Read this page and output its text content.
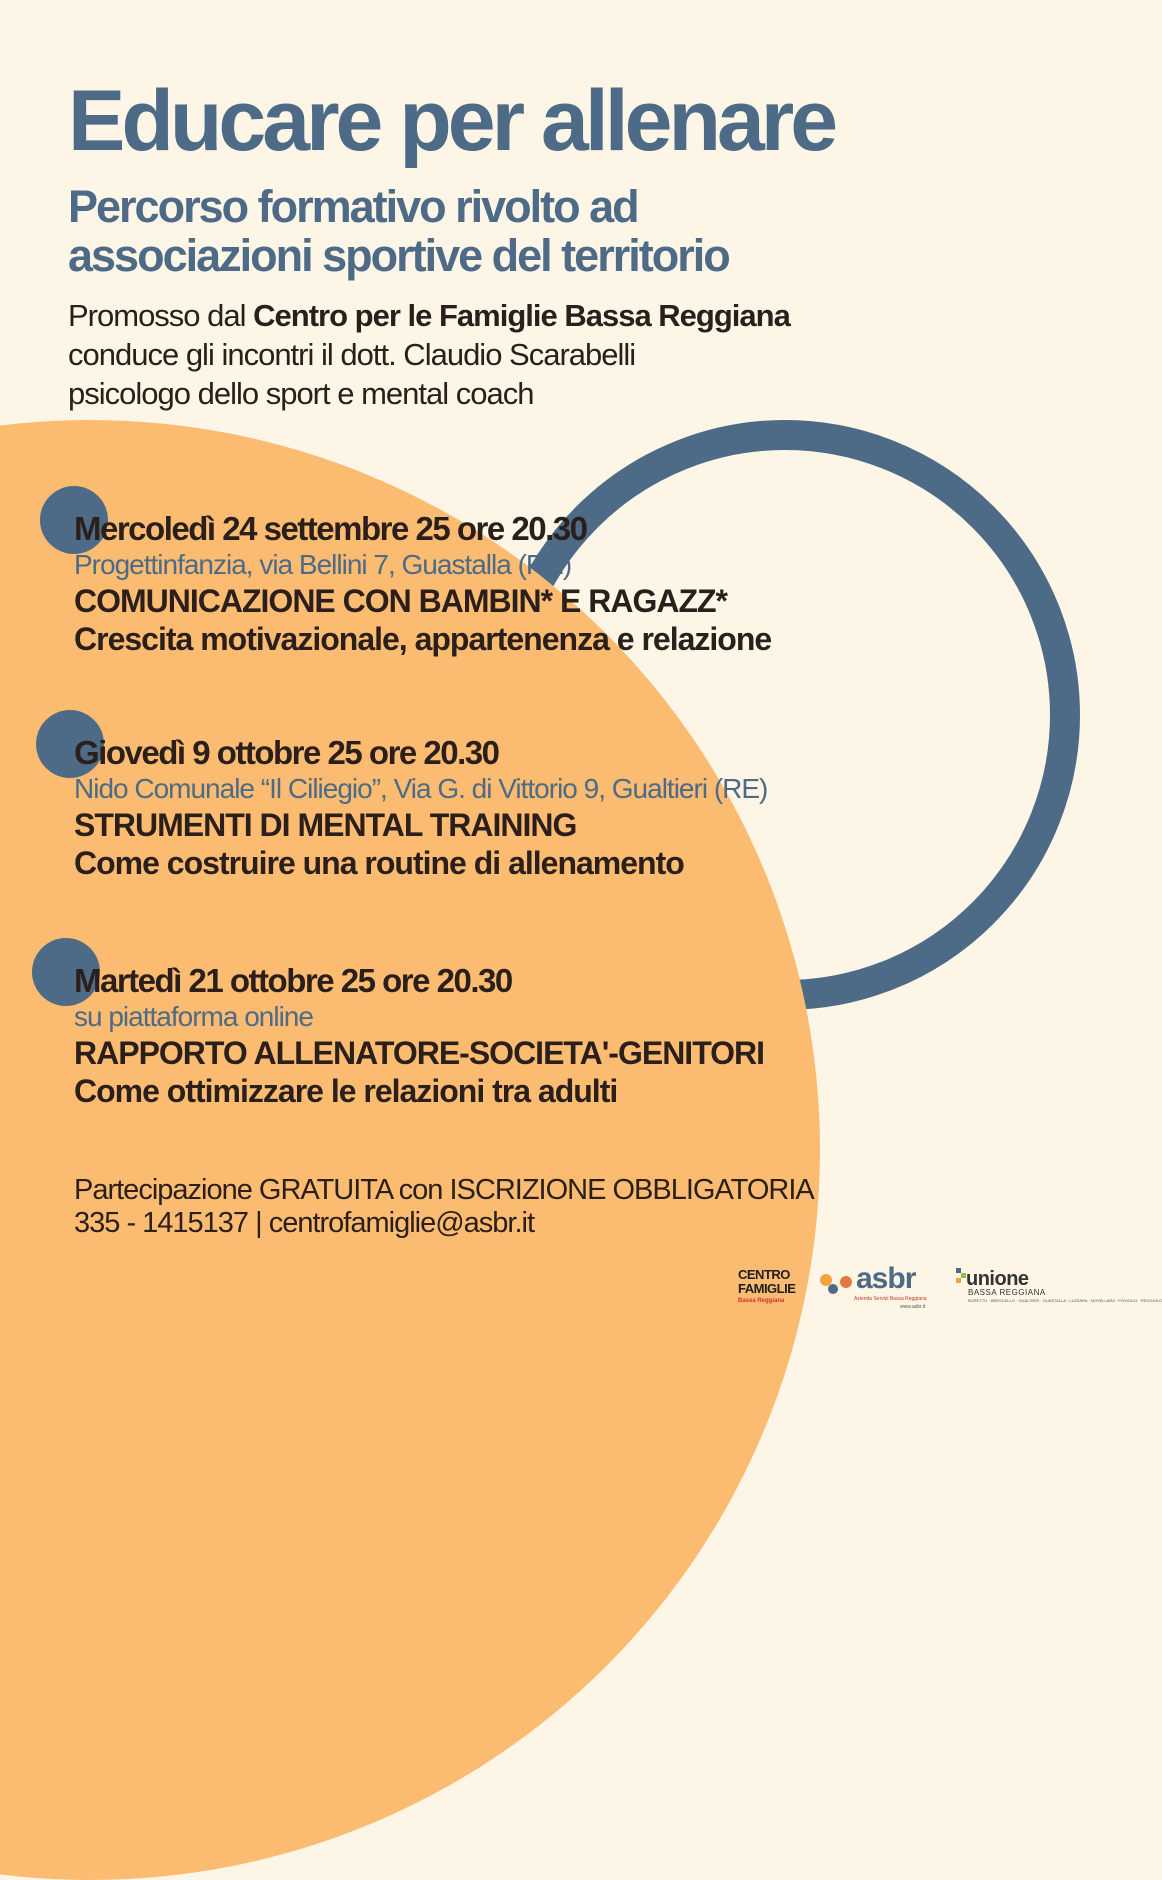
Educare per allenare
Percorso formativo rivolto ad
associazioni sportive del territorio
Promosso dal Centro per le Famiglie Bassa Reggiana
conduce gli incontri il dott. Claudio Scarabelli
psicologo dello sport e mental coach
Mercoledì 24 settembre 25 ore 20.30
Progettinfanzia, via Bellini 7, Guastalla (RE)
COMUNICAZIONE CON BAMBIN* E RAGAZZ*
Crescita motivazionale, appartenenza e relazione
Giovedì 9 ottobre 25 ore 20.30
Nido Comunale “Il Ciliegio”, Via G. di Vittorio 9, Gualtieri (RE)
STRUMENTI DI MENTAL TRAINING
Come costruire una routine di allenamento
Martedì 21 ottobre 25 ore 20.30
su piattaforma online
RAPPORTO ALLENATORE-SOCIETA'-GENITORI
Come ottimizzare le relazioni tra adulti
Partecipazione GRATUITA con ISCRIZIONE OBBLIGATORIA
335 - 1415137 | centrofamiglie@asbr.it
CENTRO
FAMIGLIE
Bassa Reggiana
asbr
Azienda Servizi Bassa Reggiana
www.asbr.it
unione
BASSA REGGIANA
BORETTO · BRESCELLO · GUALTIERI · GUASTALLA · LUZZARA · NOVELLARA · POVIGLIO · REGGIOLO
